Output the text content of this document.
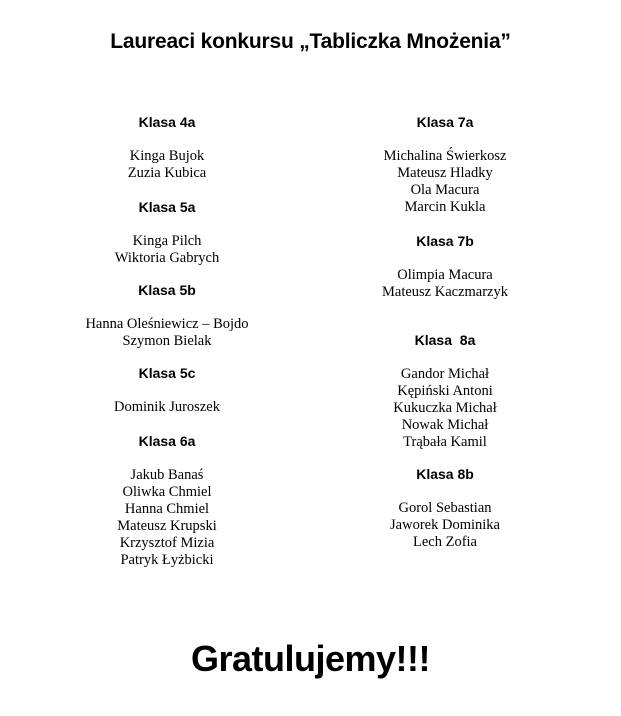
Laureaci konkursu „Tabliczka Mnożenia”
Klasa 4a
Kinga Bujok
Zuzia Kubica
Klasa 5a
Kinga Pilch
Wiktoria Gabrych
Klasa 5b
Hanna Oleśniewicz – Bojdo
Szymon Bielak
Klasa 5c
Dominik Juroszek
Klasa 6a
Jakub Banaś
Oliwka Chmiel
Hanna Chmiel
Mateusz Krupski
Krzysztof Mizia
Patryk Łyżbicki
Klasa 7a
Michalina Świerkosz
Mateusz Hladky
Ola Macura
Marcin Kukla
Klasa 7b
Olimpia Macura
Mateusz Kaczmarzyk
Klasa  8a
Gandor Michał
Kępiński Antoni
Kukuczka Michał
Nowak Michał
Trąbała Kamil
Klasa 8b
Gorol Sebastian
Jaworek Dominika
Lech Zofia
Gratulujemy!!!
